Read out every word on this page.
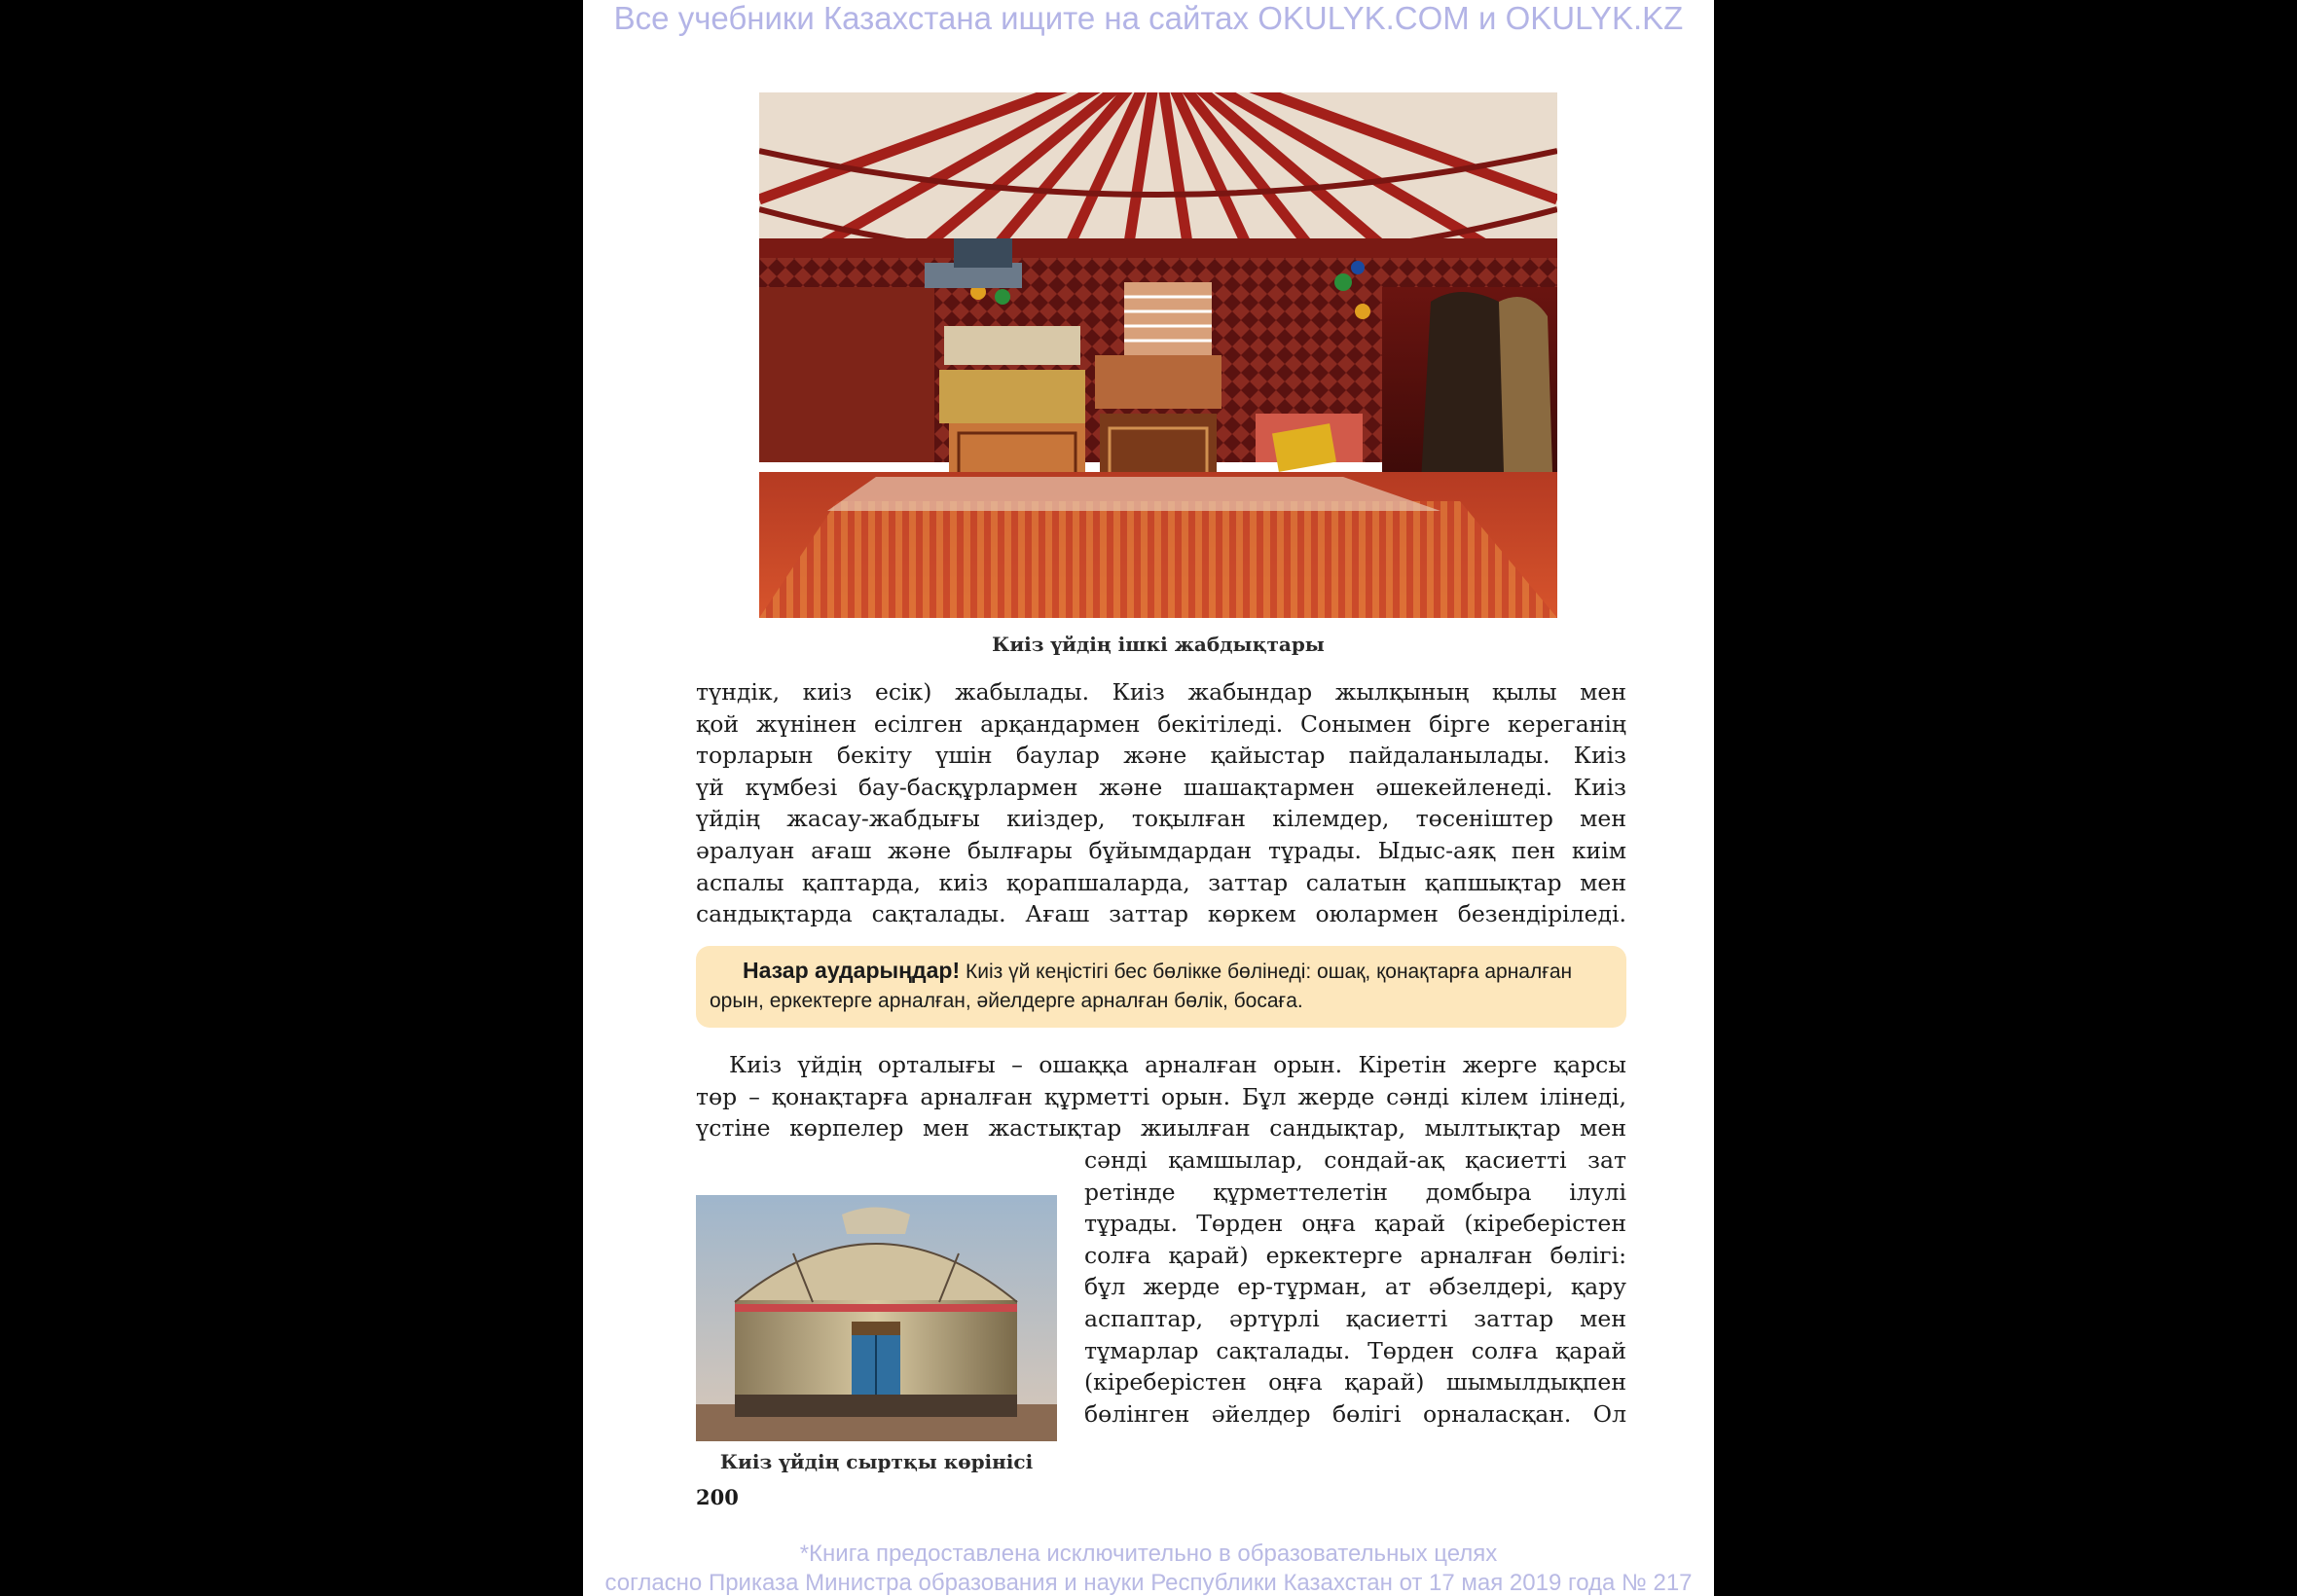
Все учебники Казахстана ищите на сайтах OKULYK.COM и OKULYK.KZ
Киіз үйдің ішкі жабдықтары
түндік, киіз есік) жабылады. Киіз жабындар жылқының қылы мен
қой жүнінен есілген арқандармен бекітіледі. Сонымен бірге кереганің
торларын бекіту үшін баулар және қайыстар пайдаланылады. Киіз
үй күмбезі бау-басқұрлармен және шашақтармен әшекейленеді. Киіз
үйдің жасау-жабдығы киіздер, тоқылған кілемдер, төсеніштер мен
әралуан ағаш және былғары бұйымдардан тұрады. Ыдыс-аяқ пен киім
аспалы қаптарда, киіз қорапшаларда, заттар салатын қапшықтар мен
сандықтарда сақталады. Ағаш заттар көркем оюлармен безендіріледі.
Назар аударыңдар! Киіз үй кеңістігі бес бөлікке бөлінеді: ошақ, қонақтарға арналған
орын, еркектерге арналған, әйелдерге арналған бөлік, босаға.
Киіз үйдің орталығы – ошаққа арналған орын. Кіретін жерге қарсы
төр – қонақтарға арналған құрметті орын. Бұл жерде сәнді кілем ілінеді,
үстіне көрпелер мен жастықтар жиылған сандықтар, мылтықтар мен
сәнді қамшылар, сондай-ақ қасиетті зат
ретінде құрметтелетін домбыра ілулі
тұрады. Төрден оңға қарай (кіреберістен
солға қарай) еркектерге арналған бөлігі:
бұл жерде ер-тұрман, ат әбзелдері, қару
аспаптар, әртүрлі қасиетті заттар мен
тұмарлар сақталады. Төрден солға қарай
(кіреберістен оңға қарай) шымылдықпен
бөлінген әйелдер бөлігі орналасқан. Ол
Киіз үйдің сыртқы көрінісі
200
*Книга предоставлена исключительно в образовательных целях
согласно Приказа Министра образования и науки Республики Казахстан от 17 мая 2019 года № 217
